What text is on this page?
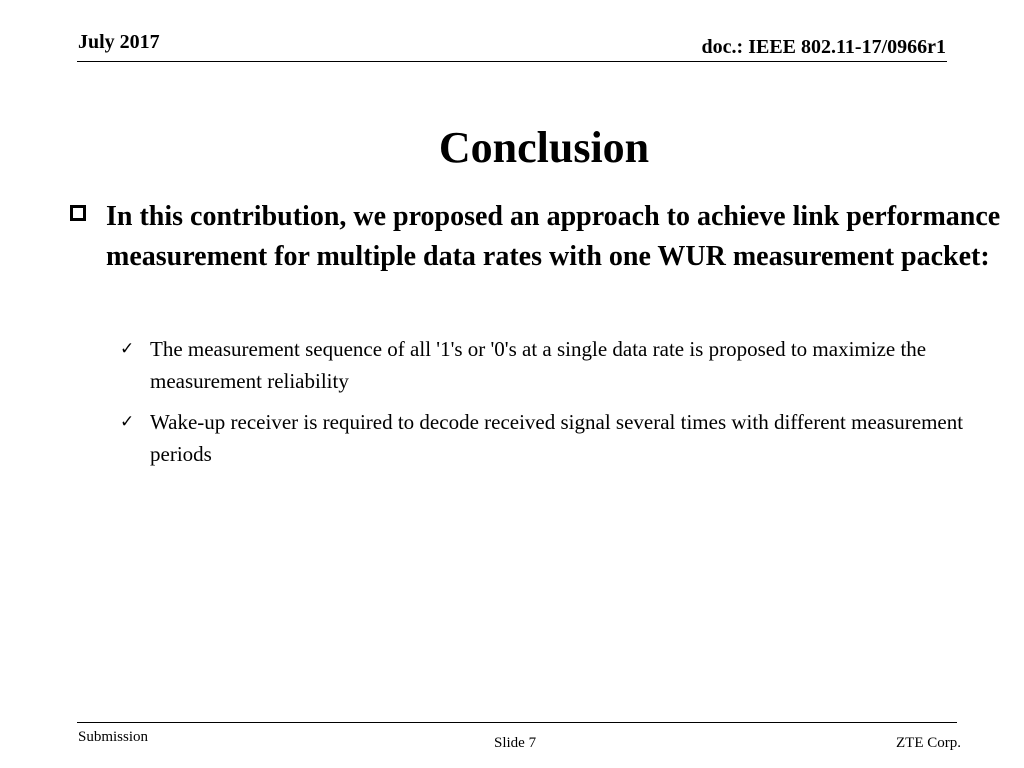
July 2017	doc.: IEEE 802.11-17/0966r1
Conclusion
In this contribution, we proposed an approach to achieve link performance measurement for multiple data rates with one WUR measurement packet:
✓ The measurement sequence of all '1's or '0's at a single data rate is proposed to maximize the measurement reliability
✓ Wake-up receiver is required to decode received signal several times with different measurement periods
Submission	Slide 7	ZTE Corp.
